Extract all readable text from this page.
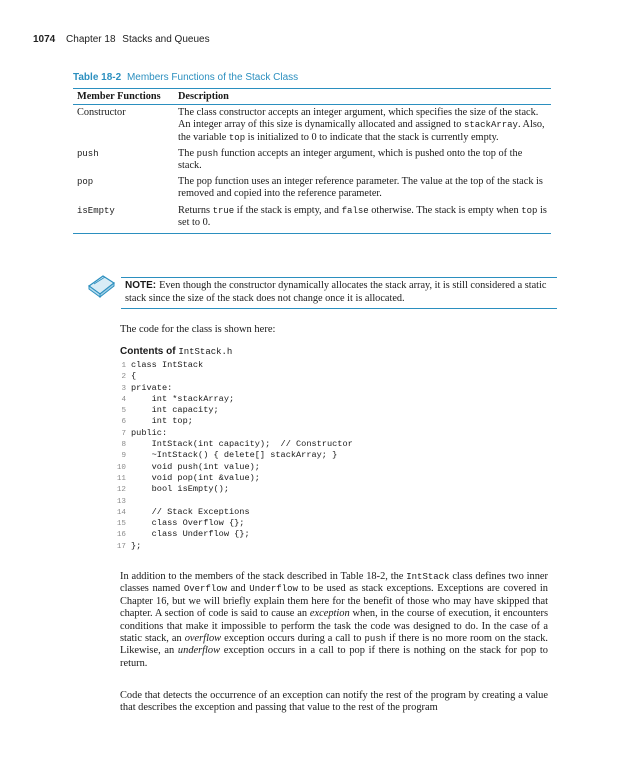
1074 Chapter 18 Stacks and Queues
Table 18-2 Members Functions of the Stack Class
Member Functions	Description
Constructor	The class constructor accepts an integer argument, which specifies the size of the stack. An integer array of this size is dynamically allocated and assigned to stackArray. Also, the variable top is initialized to 0 to indicate that the stack is currently empty.
push	The push function accepts an integer argument, which is pushed onto the top of the stack.
pop	The pop function uses an integer reference parameter. The value at the top of the stack is removed and copied into the reference parameter.
isEmpty	Returns true if the stack is empty, and false otherwise. The stack is empty when top is set to 0.
NOTE: Even though the constructor dynamically allocates the stack array, it is still considered a static stack since the size of the stack does not change once it is allocated.
The code for the class is shown here:
Contents of IntStack.h
1 class IntStack
2 {
3 private:
4    int *stackArray;
5    int capacity;
6    int top;
7 public:
8    IntStack(int capacity);  // Constructor
9    ~IntStack() { delete[] stackArray; }
10    void push(int value);
11    void pop(int &value);
12    bool isEmpty();
13
14    // Stack Exceptions
15    class Overflow {};
16    class Underflow {};
17 };
In addition to the members of the stack described in Table 18-2, the IntStack class defines two inner classes named Overflow and Underflow to be used as stack exceptions. Exceptions are covered in Chapter 16, but we will briefly explain them here for the benefit of those who may have skipped that chapter. A section of code is said to cause an exception when, in the course of execution, it encounters conditions that make it impossible to perform the task the code was designed to do. In the case of a static stack, an overflow exception occurs during a call to push if there is no more room on the stack. Likewise, an underflow exception occurs in a call to pop if there is nothing on the stack for pop to return.
Code that detects the occurrence of an exception can notify the rest of the program by creating a value that describes the exception and passing that value to the rest of the program
